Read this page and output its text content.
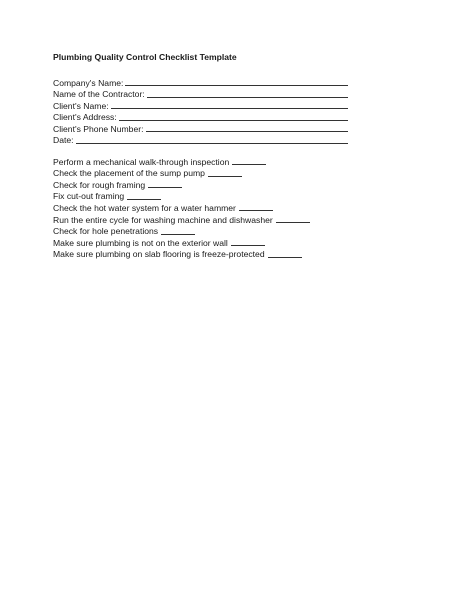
Plumbing Quality Control Checklist Template
Company's Name:
Name of the Contractor:
Client's Name:
Client's Address:
Client's Phone Number:
Date:
Perform a mechanical walk-through inspection
Check the placement of the sump pump
Check for rough framing
Fix cut-out framing
Check the hot water system for a water hammer
Run the entire cycle for washing machine and dishwasher
Check for hole penetrations
Make sure plumbing is not on the exterior wall
Make sure plumbing on slab flooring is freeze-protected
